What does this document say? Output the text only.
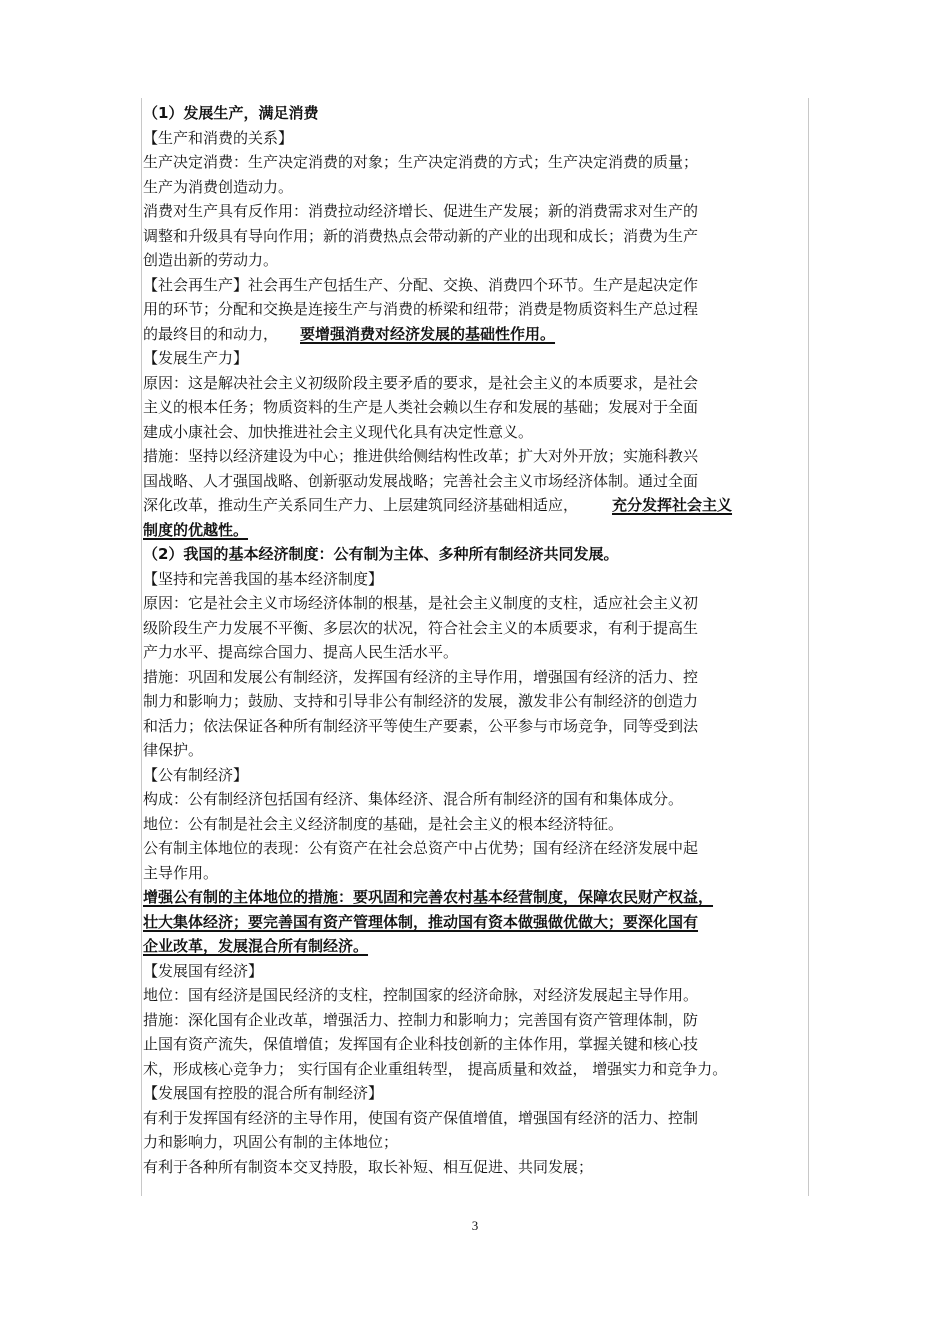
（1）发展生产，满足消费
【生产和消费的关系】
生产决定消费：生产决定消费的对象；生产决定消费的方式；生产决定消费的质量；
生产为消费创造动力。
消费对生产具有反作用：消费拉动经济增长、促进生产发展；新的消费需求对生产的
调整和升级具有导向作用；新的消费热点会带动新的产业的出现和成长；消费为生产
创造出新的劳动力。
【社会再生产】社会再生产包括生产、分配、交换、消费四个环节。生产是起决定作
用的环节；分配和交换是连接生产与消费的桥梁和纽带；消费是物质资料生产总过程
的最终目的和动力， 要增强消费对经济发展的基础性作用。
【发展生产力】
原因：这是解决社会主义初级阶段主要矛盾的要求，是社会主义的本质要求，是社会
主义的根本任务；物质资料的生产是人类社会赖以生存和发展的基础；发展对于全面
建成小康社会、加快推进社会主义现代化具有决定性意义。
措施：坚持以经济建设为中心；推进供给侧结构性改革；扩大对外开放；实施科教兴
国战略、人才强国战略、创新驱动发展战略；完善社会主义市场经济体制。通过全面
深化改革，推动生产关系同生产力、上层建筑同经济基础相适应， 充分发挥社会主义
制度的优越性。
（2）我国的基本经济制度：公有制为主体、多种所有制经济共同发展。
【坚持和完善我国的基本经济制度】
原因：它是社会主义市场经济体制的根基，是社会主义制度的支柱，适应社会主义初
级阶段生产力发展不平衡、多层次的状况，符合社会主义的本质要求，有利于提高生
产力水平、提高综合国力、提高人民生活水平。
措施：巩固和发展公有制经济，发挥国有经济的主导作用，增强国有经济的活力、控
制力和影响力；鼓励、支持和引导非公有制经济的发展，激发非公有制经济的创造力
和活力；依法保证各种所有制经济平等使生产要素，公平参与市场竞争，同等受到法
律保护。
【公有制经济】
构成：公有制经济包括国有经济、集体经济、混合所有制经济的国有和集体成分。
地位：公有制是社会主义经济制度的基础，是社会主义的根本经济特征。
公有制主体地位的表现：公有资产在社会总资产中占优势；国有经济在经济发展中起
主导作用。
增强公有制的主体地位的措施：要巩固和完善农村基本经营制度，保障农民财产权益，
壮大集体经济；要完善国有资产管理体制，推动国有资本做强做优做大；要深化国有
企业改革，发展混合所有制经济。
【发展国有经济】
地位：国有经济是国民经济的支柱，控制国家的经济命脉，对经济发展起主导作用。
措施：深化国有企业改革，增强活力、控制力和影响力；完善国有资产管理体制，防
止国有资产流失，保值增值；发挥国有企业科技创新的主体作用，掌握关键和核心技
术，形成核心竞争力； 实行国有企业重组转型， 提高质量和效益， 增强实力和竞争力。
【发展国有控股的混合所有制经济】
有利于发挥国有经济的主导作用，使国有资产保值增值，增强国有经济的活力、控制
力和影响力，巩固公有制的主体地位；
有利于各种所有制资本交叉持股，取长补短、相互促进、共同发展；
3
